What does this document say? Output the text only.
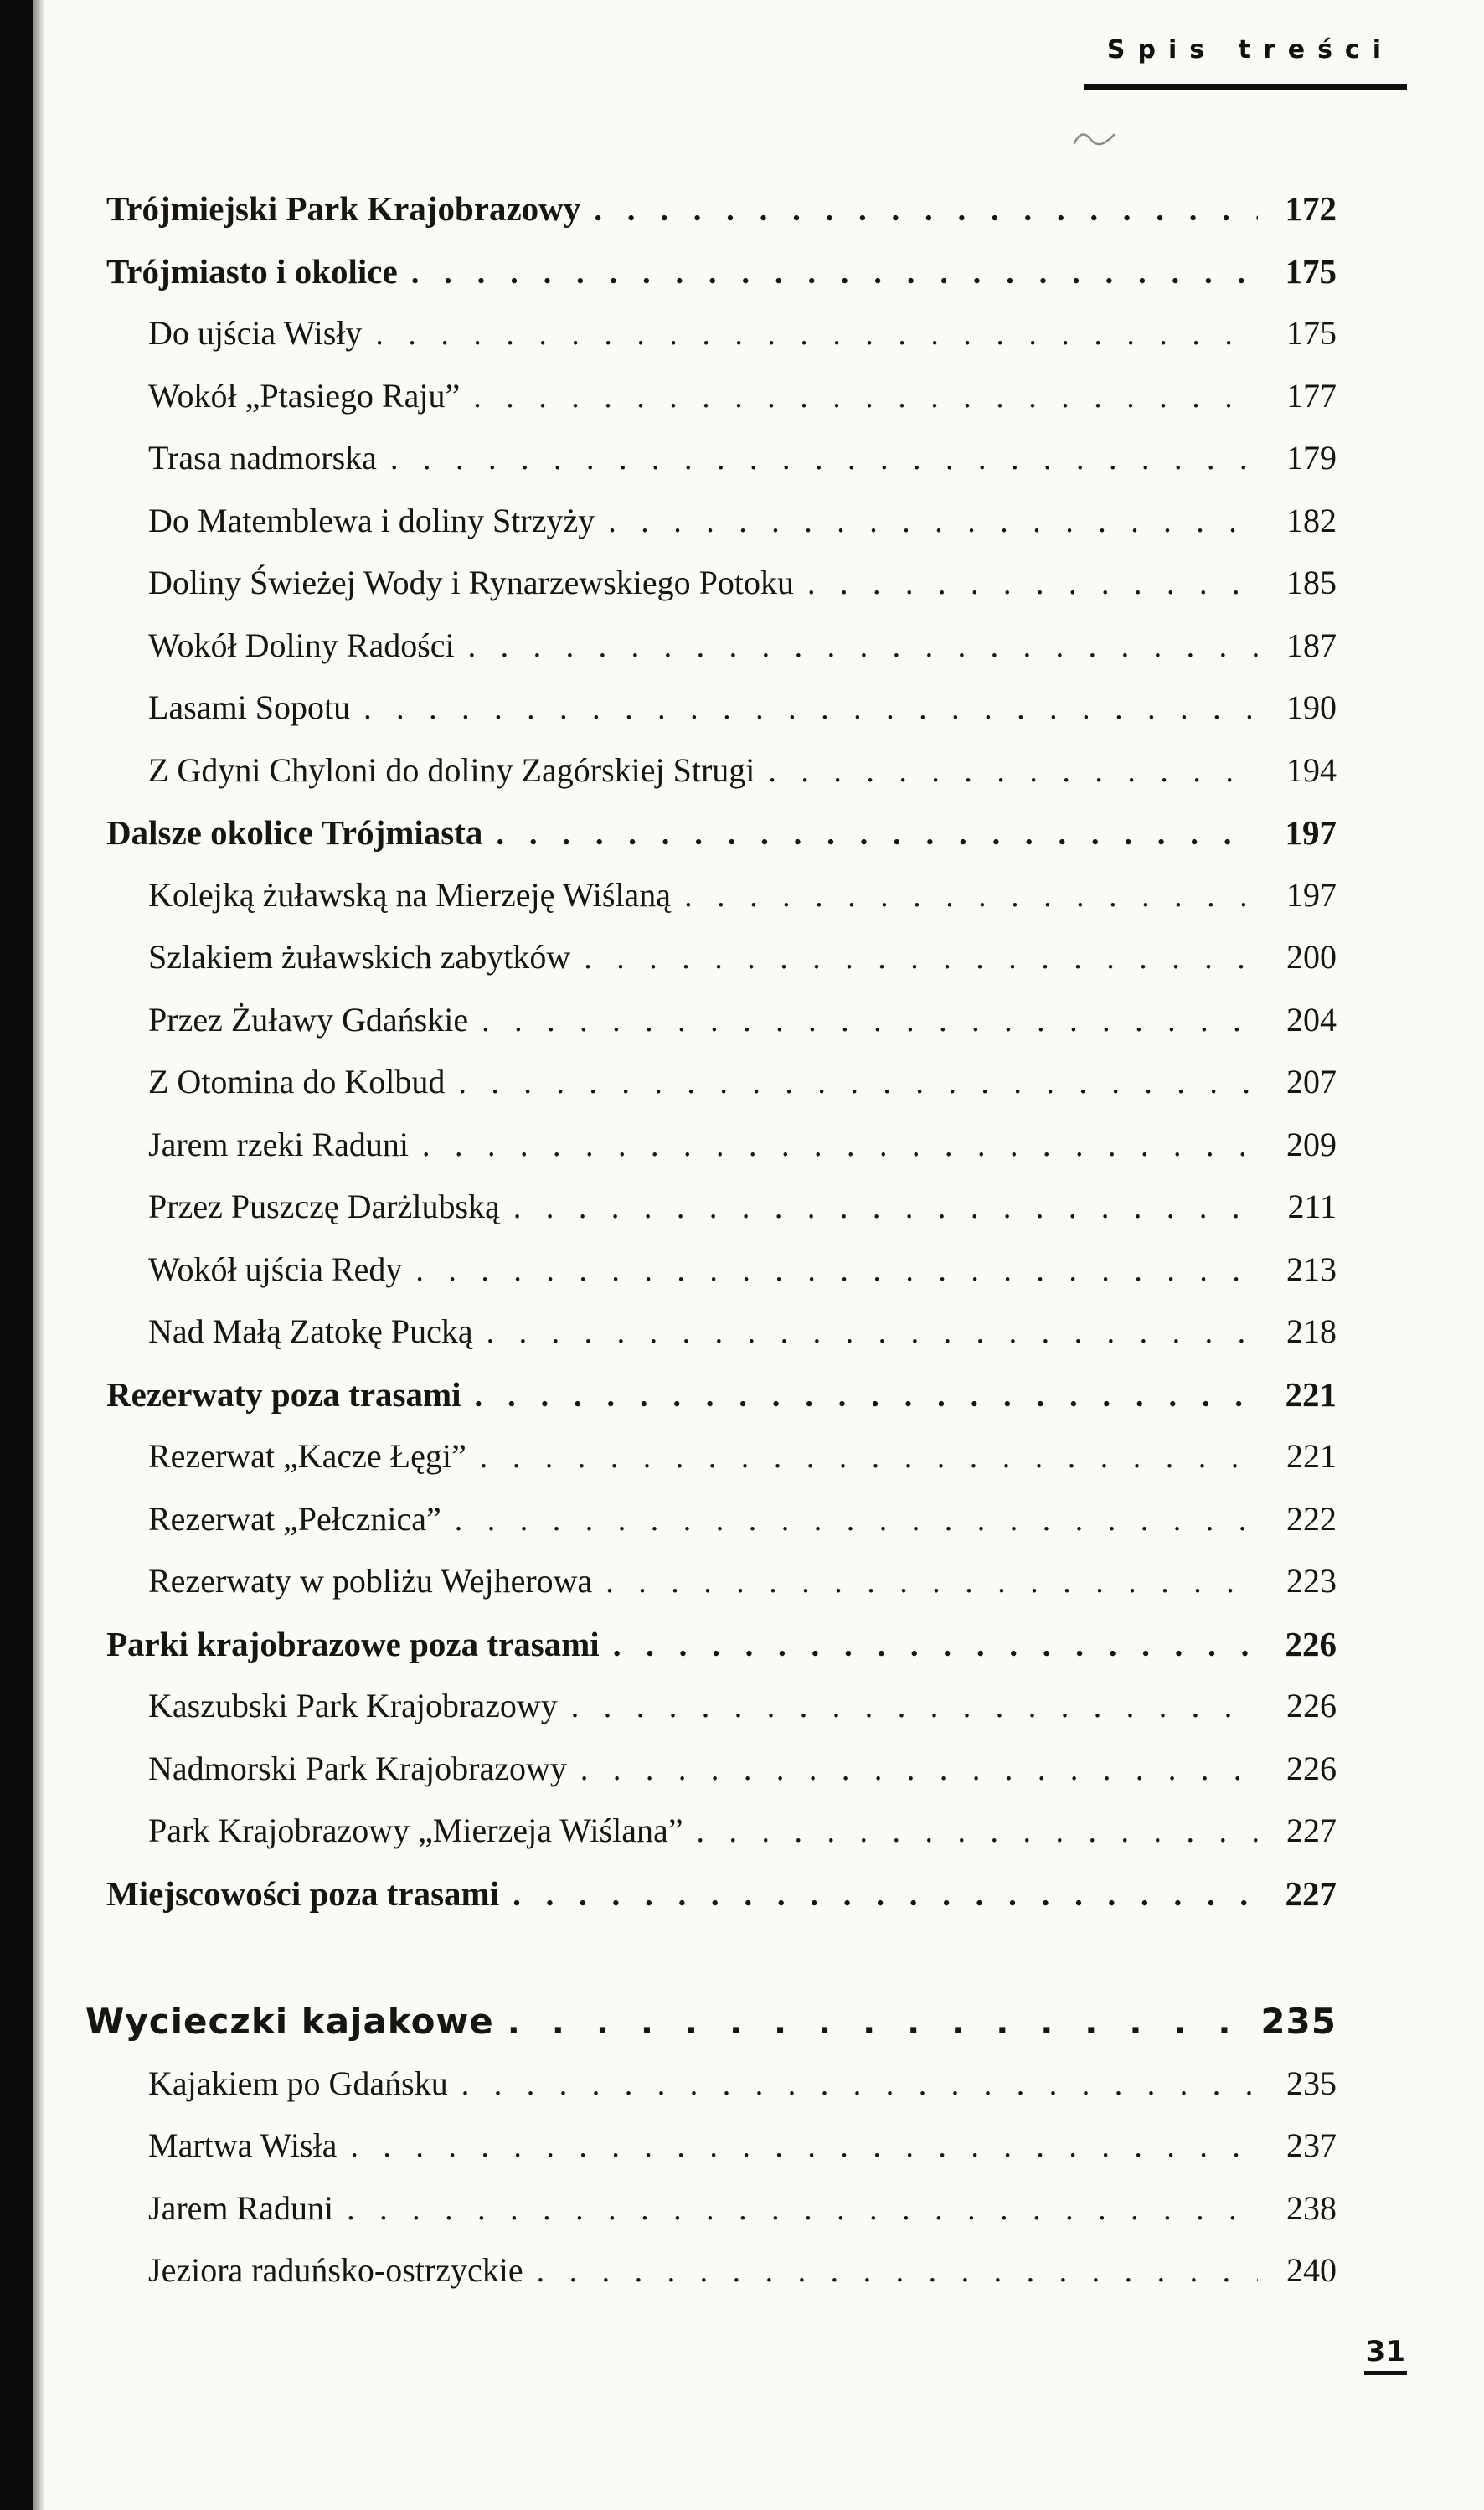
Spis treści
Trójmiejski Park Krajobrazowy . . .	172
Trójmiasto i okolice . . .	175
Do ujścia Wisły . . .	175
Wokół „Ptasiego Raju” . . .	177
Trasa nadmorska . . .	179
Do Matemblewa i doliny Strzyży . . .	182
Doliny Świeżej Wody i Rynarzewskiego Potoku . . .	185
Wokół Doliny Radości . . .	187
Lasami Sopotu . . .	190
Z Gdyni Chyloni do doliny Zagórskiej Strugi . . .	194
Dalsze okolice Trójmiasta . . .	197
Kolejką żuławską na Mierzeję Wiślaną . . .	197
Szlakiem żuławskich zabytków . . .	200
Przez Żuławy Gdańskie . . .	204
Z Otomina do Kolbud . . .	207
Jarem rzeki Raduni . . .	209
Przez Puszczę Darżlubską . . .	211
Wokół ujścia Redy . . .	213
Nad Małą Zatokę Pucką . . .	218
Rezerwaty poza trasami . . .	221
Rezerwat „Kacze Łęgi” . . .	221
Rezerwat „Pełcznica” . . .	222
Rezerwaty w pobliżu Wejherowa . . .	223
Parki krajobrazowe poza trasami . . .	226
Kaszubski Park Krajobrazowy . . .	226
Nadmorski Park Krajobrazowy . . .	226
Park Krajobrazowy „Mierzeja Wiślana” . . .	227
Miejscowości poza trasami . . .	227
Wycieczki kajakowe . . .	235
Kajakiem po Gdańsku . . .	235
Martwa Wisła . . .	237
Jarem Raduni . . .	238
Jeziora raduńsko-ostrzyckie . . .	240
31
